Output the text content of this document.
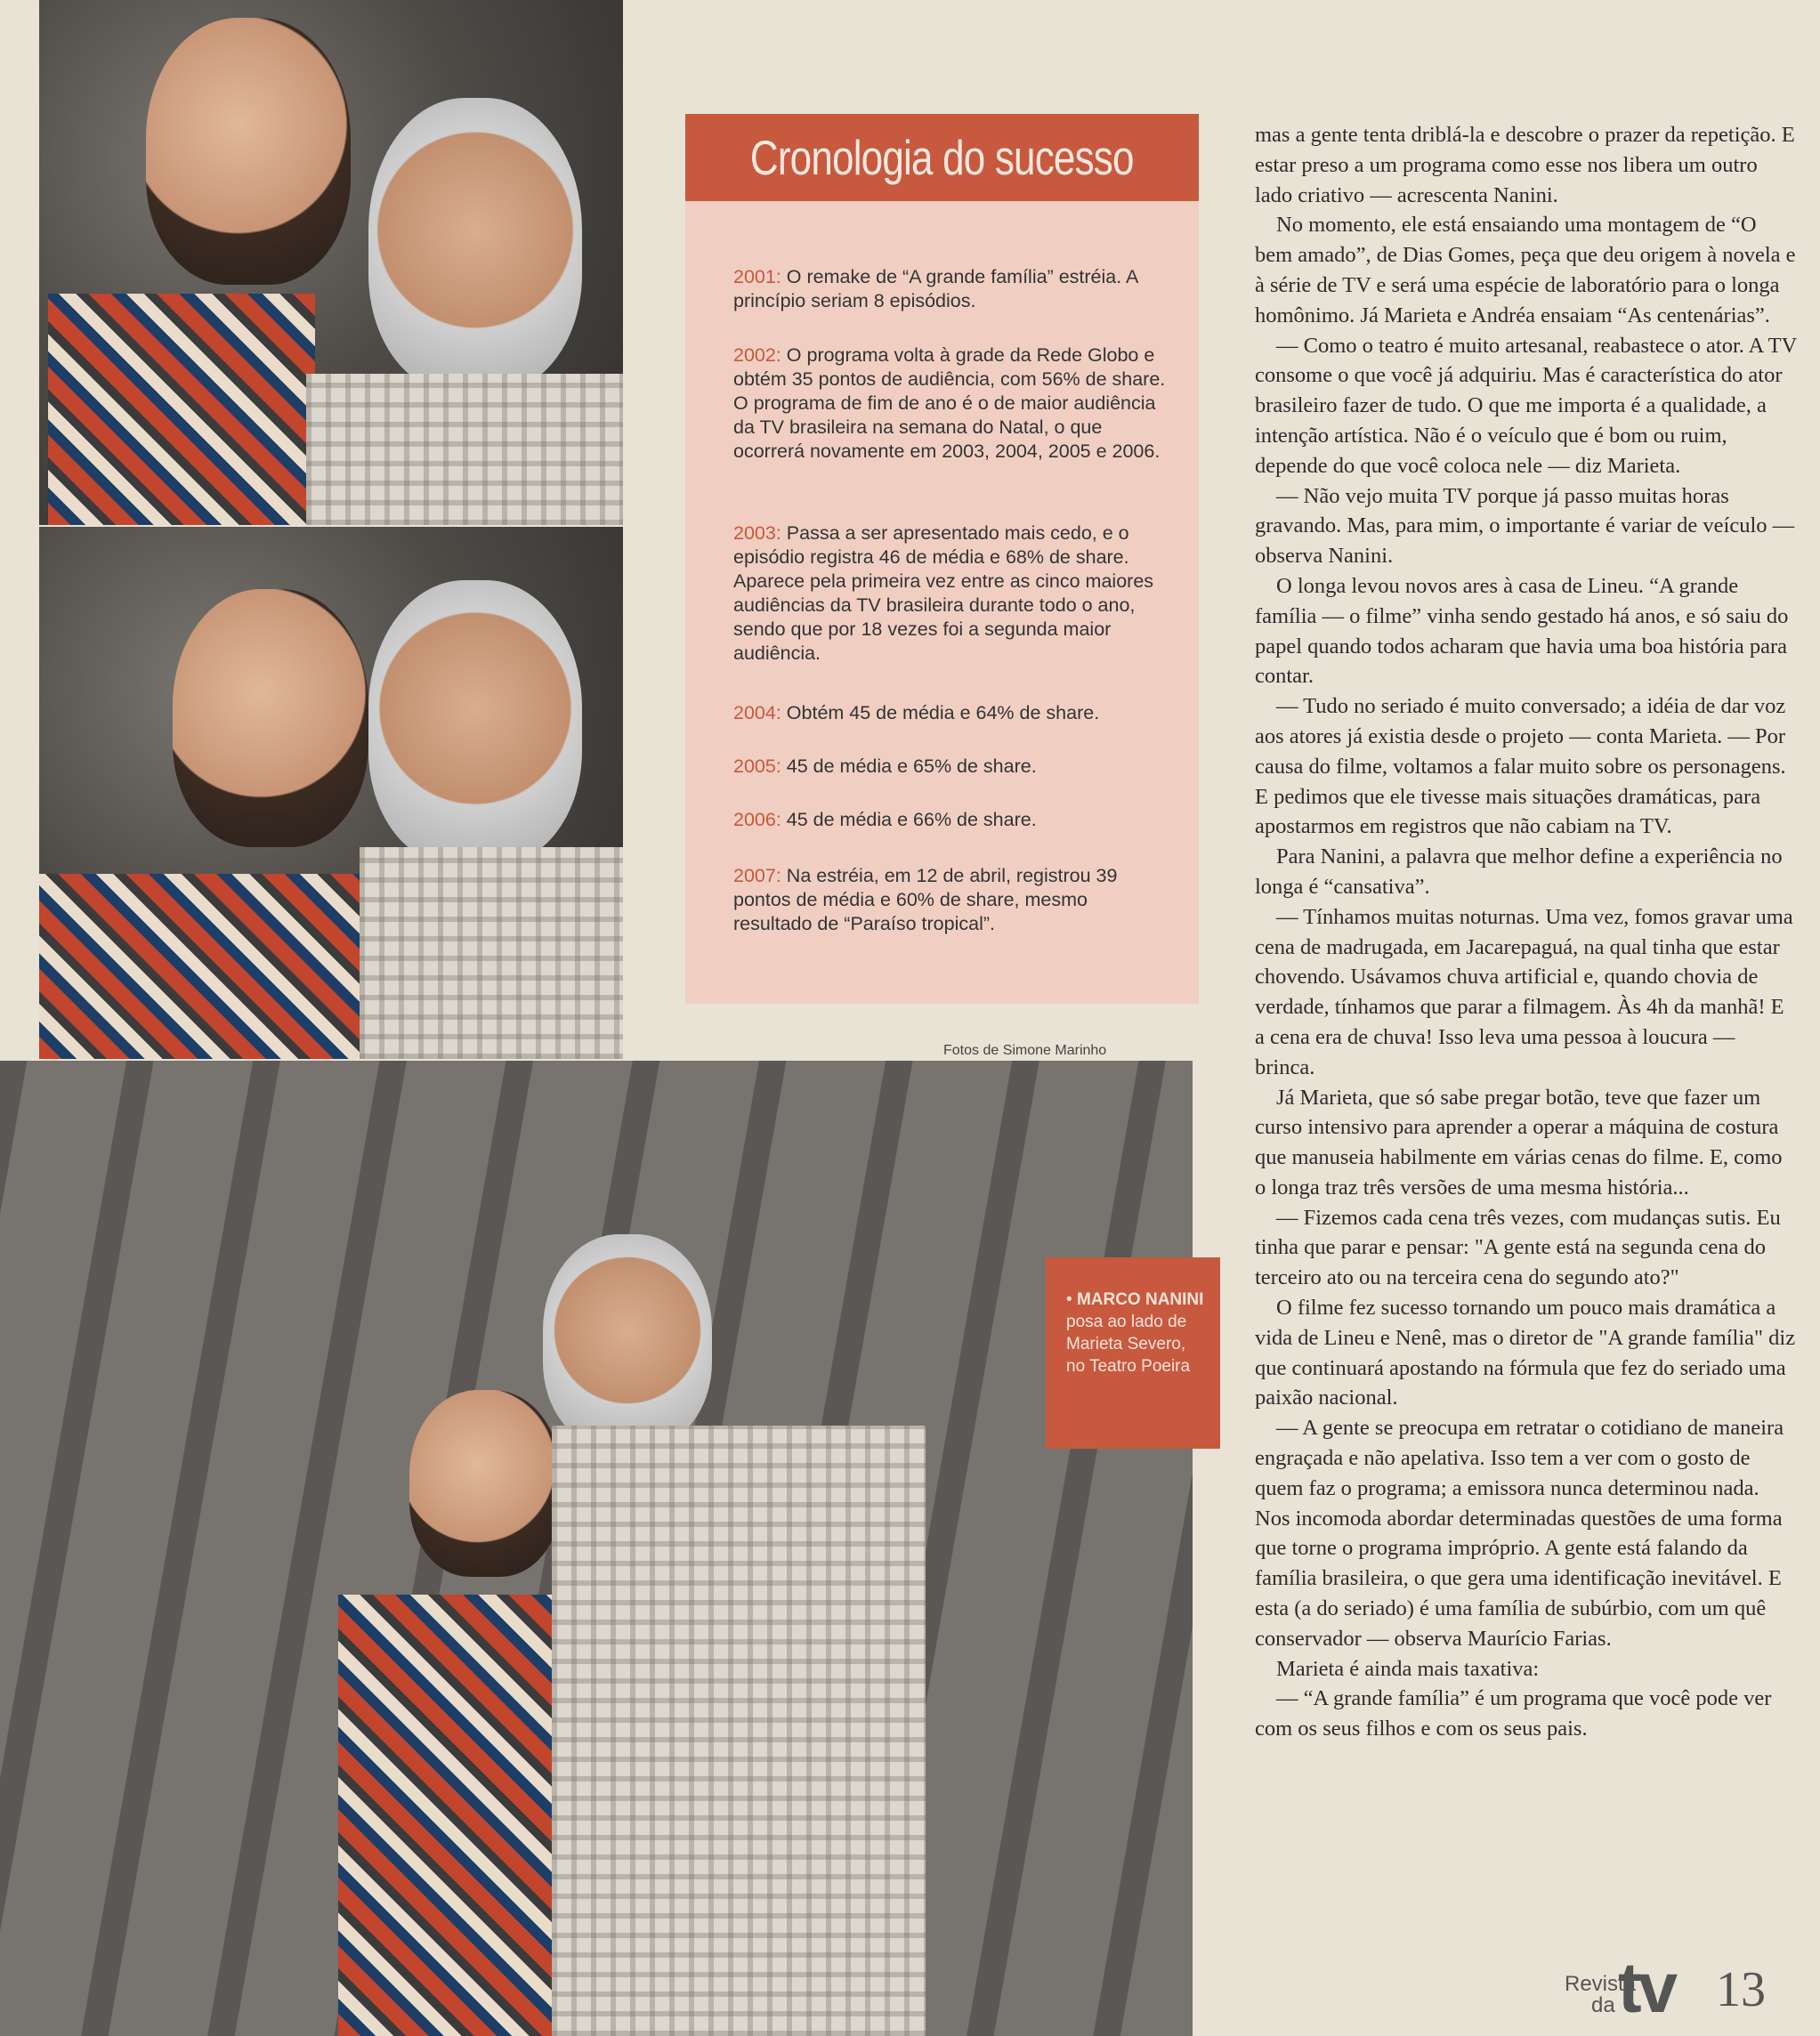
Cronologia do sucesso
2001: O remake de “A grande família” estréia. A princípio seriam 8 episódios.
2002: O programa volta à grade da Rede Globo e obtém 35 pontos de audiência, com 56% de share. O programa de fim de ano é o de maior audiência da TV brasileira na semana do Natal, o que ocorrerá novamente em 2003, 2004, 2005 e 2006.
2003: Passa a ser apresentado mais cedo, e o episódio registra 46 de média e 68% de share. Aparece pela primeira vez entre as cinco maiores audiências da TV brasileira durante todo o ano, sendo que por 18 vezes foi a segunda maior audiência.
2004: Obtém 45 de média e 64% de share.
2005: 45 de média e 65% de share.
2006: 45 de média e 66% de share.
2007: Na estréia, em 12 de abril, registrou 39 pontos de média e 60% de share, mesmo resultado de “Paraíso tropical”.
Fotos de Simone Marinho
• MARCO NANINI posa ao lado de Marieta Severo, no Teatro Poeira

mas a gente tenta driblá-la e descobre o prazer da repetição. E estar preso a um programa como esse nos libera um outro lado criativo — acrescenta Nanini.

No momento, ele está ensaiando uma montagem de “O bem amado”, de Dias Gomes, peça que deu origem à novela e à série de TV e será uma espécie de laboratório para o longa homônimo. Já Marieta e Andréa ensaiam “As centenárias”.

— Como o teatro é muito artesanal, reabastece o ator. A TV consome o que você já adquiriu. Mas é característica do ator brasileiro fazer de tudo. O que me importa é a qualidade, a intenção artística. Não é o veículo que é bom ou ruim, depende do que você coloca nele — diz Marieta.

— Não vejo muita TV porque já passo muitas horas gravando. Mas, para mim, o importante é variar de veículo — observa Nanini.

O longa levou novos ares à casa de Lineu. “A grande família — o filme” vinha sendo gestado há anos, e só saiu do papel quando todos acharam que havia uma boa história para contar.

— Tudo no seriado é muito conversado; a idéia de dar voz aos atores já existia desde o projeto — conta Marieta. — Por causa do filme, voltamos a falar muito sobre os personagens. E pedimos que ele tivesse mais situações dramáticas, para apostarmos em registros que não cabiam na TV.

Para Nanini, a palavra que melhor define a experiência no longa é “cansativa”.

— Tínhamos muitas noturnas. Uma vez, fomos gravar uma cena de madrugada, em Jacarepaguá, na qual tinha que estar chovendo. Usávamos chuva artificial e, quando chovia de verdade, tínhamos que parar a filmagem. Às 4h da manhã! E a cena era de chuva! Isso leva uma pessoa à loucura — brinca.

Já Marieta, que só sabe pregar botão, teve que fazer um curso intensivo para aprender a operar a máquina de costura que manuseia habilmente em várias cenas do filme. E, como o longa traz três versões de uma mesma história...

— Fizemos cada cena três vezes, com mudanças sutis. Eu tinha que parar e pensar: "A gente está na segunda cena do terceiro ato ou na terceira cena do segundo ato?"

O filme fez sucesso tornando um pouco mais dramática a vida de Lineu e Nenê, mas o diretor de "A grande família" diz que continuará apostando na fórmula que fez do seriado uma paixão nacional.

— A gente se preocupa em retratar o cotidiano de maneira engraçada e não apelativa. Isso tem a ver com o gosto de quem faz o programa; a emissora nunca determinou nada. Nos incomoda abordar determinadas questões de uma forma que torne o programa impróprio. A gente está falando da família brasileira, o que gera uma identificação inevitável. E esta (a do seriado) é uma família de subúrbio, com um quê conservador — observa Maurício Farias.

Marieta é ainda mais taxativa:

— “A grande família” é um programa que você pode ver com os seus filhos e com os seus pais.

Revista
da tv 13
